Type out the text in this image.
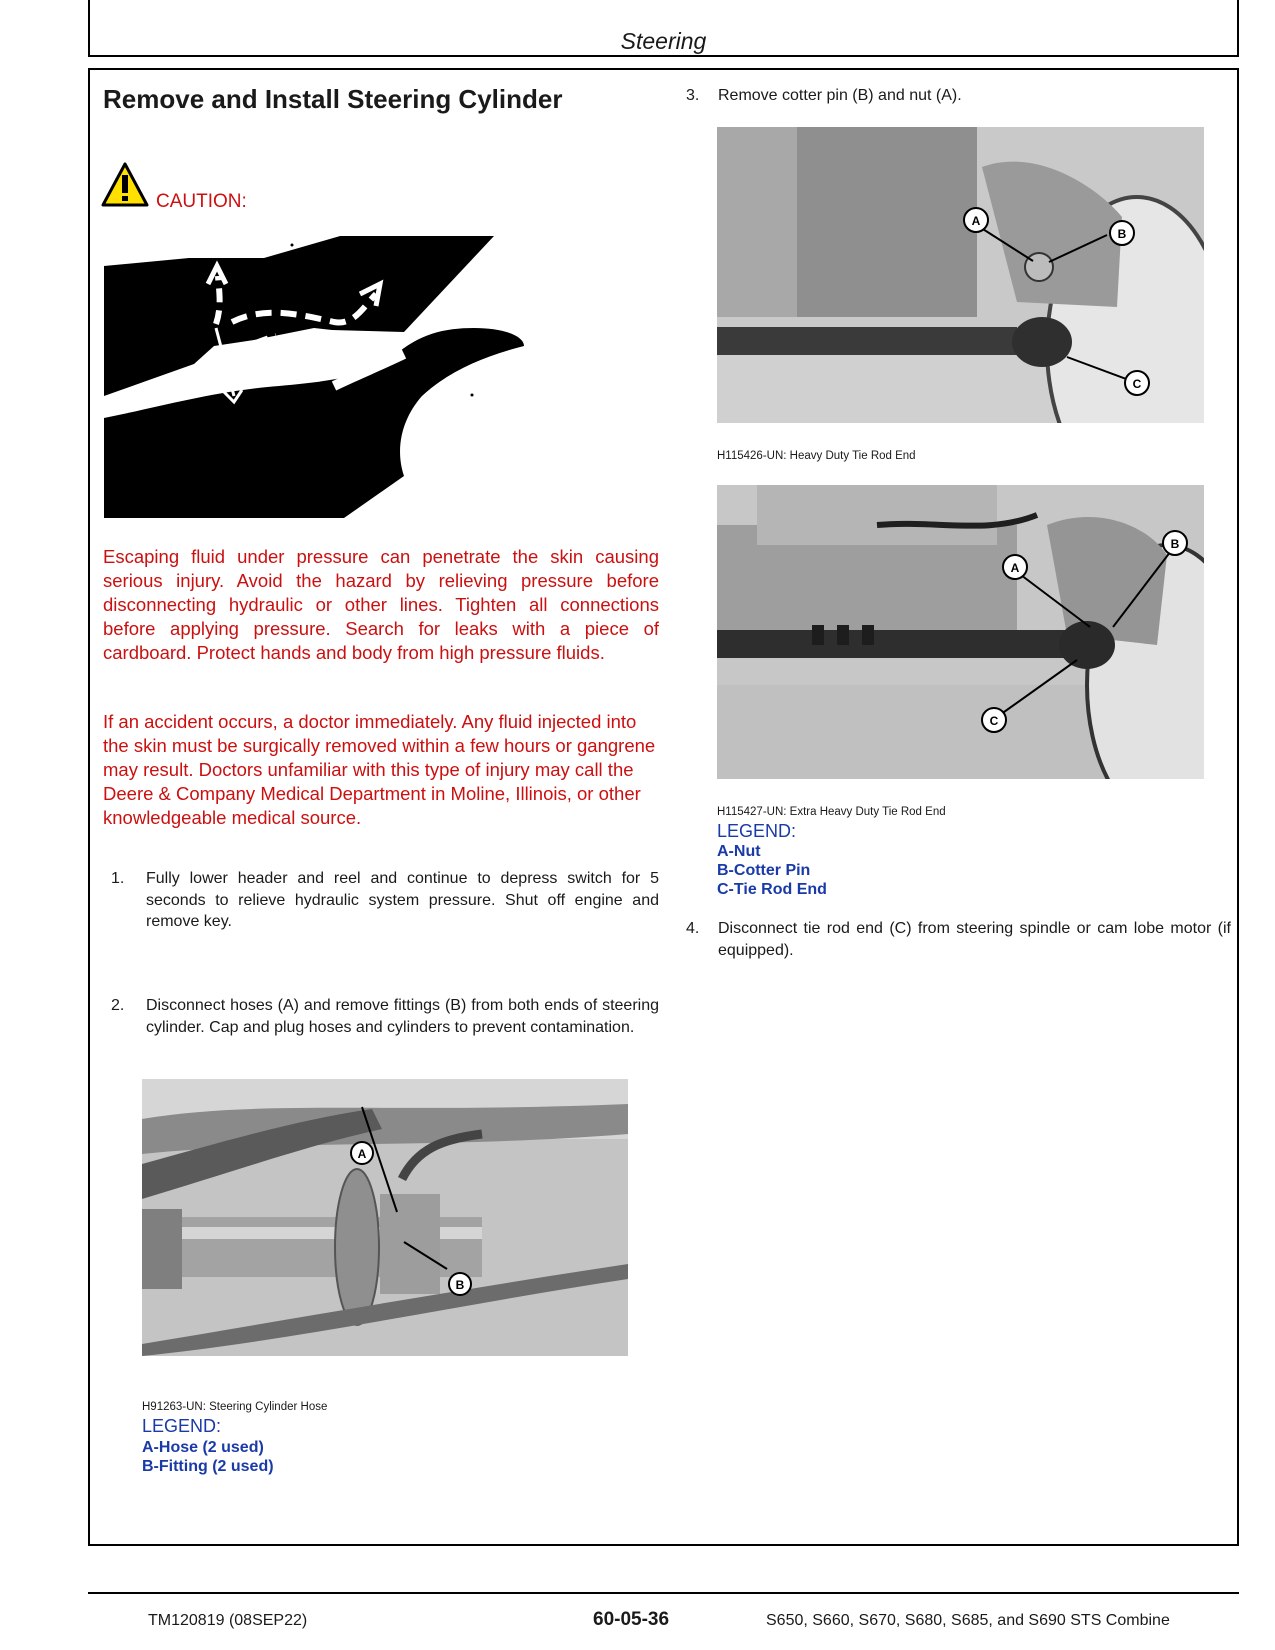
Steering
Remove and Install Steering Cylinder
CAUTION:

Escaping fluid under pressure can penetrate the skin causing serious injury. Avoid the hazard by relieving pressure before disconnecting hydraulic or other lines. Tighten all connections before applying pressure. Search for leaks with a piece of cardboard. Protect hands and body from high pressure fluids.

If an accident occurs, a doctor immediately. Any fluid injected into the skin must be surgically removed within a few hours or gangrene may result. Doctors unfamiliar with this type of injury may call the Deere & Company Medical Department in Moline, Illinois, or other knowledgeable medical source.

1.	Fully lower header and reel and continue to depress switch for 5 seconds to relieve hydraulic system pressure. Shut off engine and remove key.
2.	Disconnect hoses (A) and remove fittings (B) from both ends of steering cylinder. Cap and plug hoses and cylinders to prevent contamination.
3.	Remove cotter pin (B) and nut (A).
4.	Disconnect tie rod end (C) from steering spindle or cam lobe motor (if equipped).
A
B
H91263-UN: Steering Cylinder Hose
LEGEND:
A-Hose (2 used)
B-Fitting (2 used)
A
B
C
H115426-UN: Heavy Duty Tie Rod End
A
B
C
H115427-UN: Extra Heavy Duty Tie Rod End
LEGEND:
A-Nut
B-Cotter Pin
C-Tie Rod End
TM120819 (08SEP22)	60-05-36	S650, S660, S670, S680, S685, and S690 STS Combine
